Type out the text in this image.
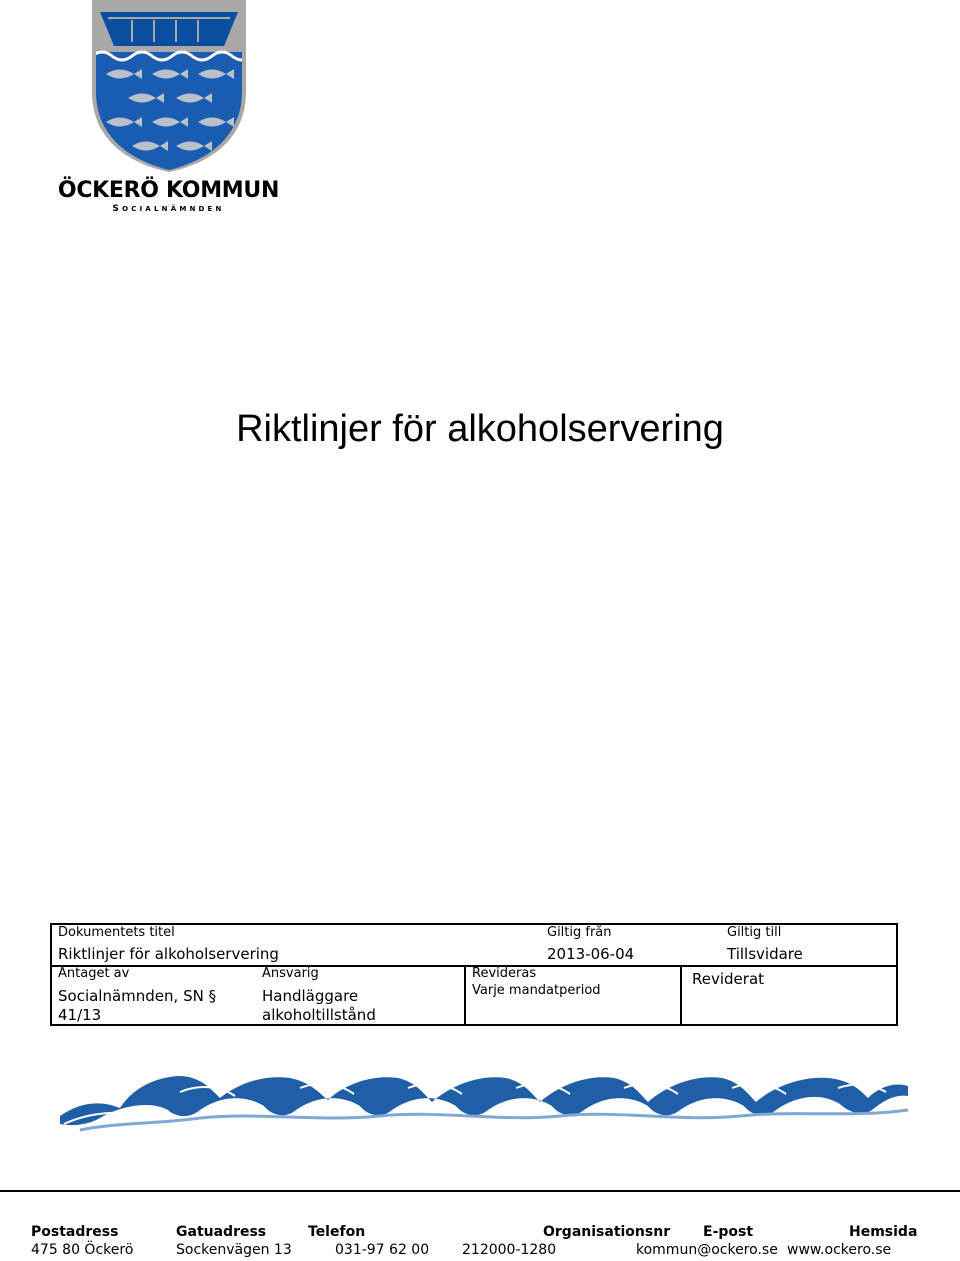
ÖCKERÖ KOMMUN
SOCIALNÄMNDEN
Riktlinjer för alkoholservering
Dokumentets titel
Riktlinjer för alkoholservering
Giltig från
2013-06-04
Giltig till
Tillsvidare
Antaget av
Socialnämnden, SN §
41/13
Ansvarig
Handläggare
alkoholtillstånd
Revideras
Varje mandatperiod
Reviderat
Postadress
475 80 Öckerö
Gatuadress
Sockenvägen 13
Telefon
031-97 62 00
Organisationsnr
212000-1280
E-post
kommun@ockero.se
Hemsida
www.ockero.se
